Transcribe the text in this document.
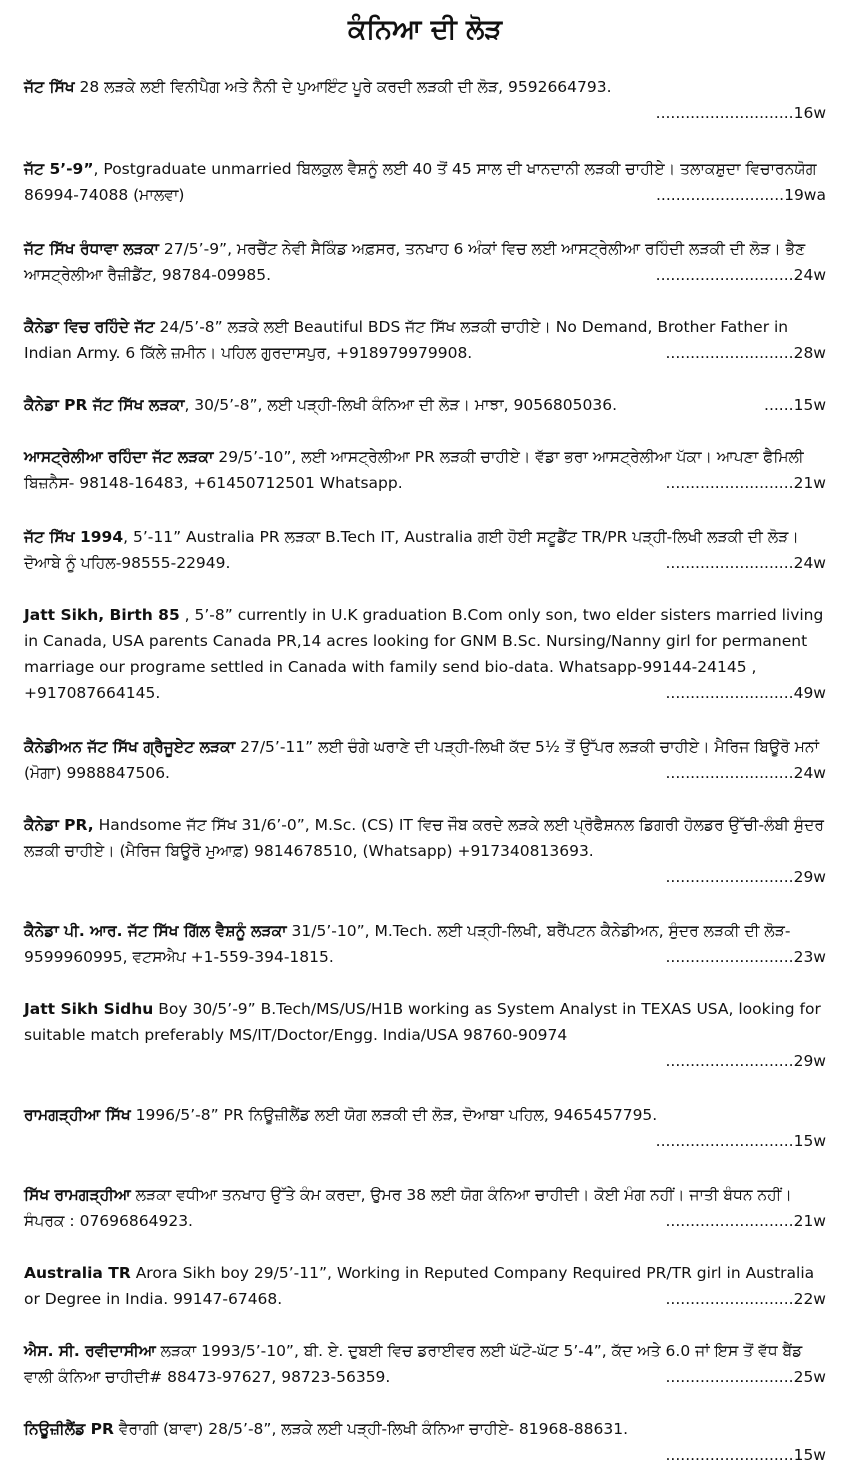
ਕੰਨਿਆ ਦੀ ਲੋੜ
ਜੱਟ ਸਿੱਖ 28 ਲੜਕੇ ਲਈ ਵਿਨੀਪੈਗ ਅਤੇ ਨੈਨੀ ਦੇ ਪੁਆਇੰਟ ਪੂਰੇ ਕਰਦੀ ਲੜਕੀ ਦੀ ਲੋੜ, 9592664793.
............................16w
ਜੱਟ 5’-9”, Postgraduate unmarried ਬਿਲਕੁਲ ਵੈਸ਼ਨੂੰ ਲਈ 40 ਤੋਂ 45 ਸਾਲ ਦੀ ਖਾਨਦਾਨੀ ਲੜਕੀ ਚਾਹੀਏ। ਤਲਾਕਸ਼ੁਦਾ ਵਿਚਾਰਨਯੋਗ 86994-74088 (ਮਾਲਵਾ)	..........................19wa
ਜੱਟ ਸਿੱਖ ਰੰਧਾਵਾ ਲੜਕਾ 27/5’-9”, ਮਰਚੈਂਟ ਨੇਵੀ ਸੈਕਿੰਡ ਅਫ਼ਸਰ, ਤਨਖਾਹ 6 ਅੰਕਾਂ ਵਿਚ ਲਈ ਆਸਟ੍ਰੇਲੀਆ ਰਹਿੰਦੀ ਲੜਕੀ ਦੀ ਲੋੜ। ਭੈਣ ਆਸਟ੍ਰੇਲੀਆ ਰੈਜ਼ੀਡੈਂਟ, 98784-09985.	............................24w
ਕੈਨੇਡਾ ਵਿਚ ਰਹਿੰਦੇ ਜੱਟ 24/5’-8” ਲੜਕੇ ਲਈ Beautiful BDS ਜੱਟ ਸਿੱਖ ਲੜਕੀ ਚਾਹੀਏ। No Demand, Brother Father in Indian Army. 6 ਕਿੱਲੇ ਜ਼ਮੀਨ। ਪਹਿਲ ਗੁਰਦਾਸਪੁਰ, +918979979908.	..........................28w
ਕੈਨੇਡਾ PR ਜੱਟ ਸਿੱਖ ਲੜਕਾ, 30/5’-8”, ਲਈ ਪੜ੍ਹੀ-ਲਿਖੀ ਕੰਨਿਆ ਦੀ ਲੋੜ। ਮਾਝਾ, 9056805036.	......15w
ਆਸਟ੍ਰੇਲੀਆ ਰਹਿੰਦਾ ਜੱਟ ਲੜਕਾ 29/5’-10”, ਲਈ ਆਸਟ੍ਰੇਲੀਆ PR ਲੜਕੀ ਚਾਹੀਏ। ਵੱਡਾ ਭਰਾ ਆਸਟ੍ਰੇਲੀਆ ਪੱਕਾ। ਆਪਣਾ ਫੈਮਿਲੀ ਬਿਜ਼ਨੈਸ- 98148-16483, +61450712501 Whatsapp.	..........................21w
ਜੱਟ ਸਿੱਖ 1994, 5’-11” Australia PR ਲੜਕਾ B.Tech IT, Australia ਗਈ ਹੋਈ ਸਟੂਡੈਂਟ TR/PR ਪੜ੍ਹੀ-ਲਿਖੀ ਲੜਕੀ ਦੀ ਲੋੜ। ਦੋਆਬੇ ਨੂੰ ਪਹਿਲ-98555-22949.	..........................24w
Jatt Sikh, Birth 85 , 5’-8” currently in U.K graduation B.Com only son, two elder sisters married living in Canada, USA parents Canada PR,14 acres looking for GNM B.Sc. Nursing/Nanny girl for permanent marriage our programe settled in Canada with family send bio-data. Whatsapp-99144-24145 , +917087664145.	..........................49w
ਕੈਨੇਡੀਅਨ ਜੱਟ ਸਿੱਖ ਗ੍ਰੈਜੂਏਟ ਲੜਕਾ 27/5’-11” ਲਈ ਚੰਗੇ ਘਰਾਣੇ ਦੀ ਪੜ੍ਹੀ-ਲਿਖੀ ਕੱਦ 5½ ਤੋਂ ਉੱਪਰ ਲੜਕੀ ਚਾਹੀਏ। ਮੈਰਿਜ ਬਿਊਰੋ ਮਨਾਂ (ਮੋਗਾ) 9988847506.	..........................24w
ਕੈਨੇਡਾ PR, Handsome ਜੱਟ ਸਿੱਖ 31/6’-0”, M.Sc. (CS) IT ਵਿਚ ਜੌਬ ਕਰਦੇ ਲੜਕੇ ਲਈ ਪ੍ਰੋਫੈਸ਼ਨਲ ਡਿਗਰੀ ਹੋਲਡਰ ਉੱਚੀ-ਲੰਬੀ ਸੁੰਦਰ ਲੜਕੀ ਚਾਹੀਏ। (ਮੈਰਿਜ ਬਿਊਰੋ ਮੁਆਫ਼) 9814678510, (Whatsapp) +917340813693.
..........................29w
ਕੈਨੇਡਾ ਪੀ. ਆਰ. ਜੱਟ ਸਿੱਖ ਗਿੱਲ ਵੈਸ਼ਨੂੰ ਲੜਕਾ 31/5’-10”, M.Tech. ਲਈ ਪੜ੍ਹੀ-ਲਿਖੀ, ਬਰੈਂਪਟਨ ਕੈਨੇਡੀਅਨ, ਸੁੰਦਰ ਲੜਕੀ ਦੀ ਲੋੜ- 9599960995, ਵਟਸਐਪ +1-559-394-1815.	..........................23w
Jatt Sikh Sidhu Boy 30/5’-9” B.Tech/MS/US/H1B working as System Analyst in TEXAS USA, looking for suitable match preferably MS/IT/Doctor/Engg. India/USA 98760-90974
..........................29w
ਰਾਮਗੜ੍ਹੀਆ ਸਿੱਖ 1996/5’-8” PR ਨਿਊਜ਼ੀਲੈਂਡ ਲਈ ਯੋਗ ਲੜਕੀ ਦੀ ਲੋੜ, ਦੋਆਬਾ ਪਹਿਲ, 9465457795.
............................15w
ਸਿੱਖ ਰਾਮਗੜ੍ਹੀਆ ਲੜਕਾ ਵਧੀਆ ਤਨਖਾਹ ਉੱਤੇ ਕੰਮ ਕਰਦਾ, ਉਮਰ 38 ਲਈ ਯੋਗ ਕੰਨਿਆ ਚਾਹੀਦੀ। ਕੋਈ ਮੰਗ ਨਹੀਂ। ਜਾਤੀ ਬੰਧਨ ਨਹੀਂ। ਸੰਪਰਕ : 07696864923.	..........................21w
Australia TR Arora Sikh boy 29/5’-11”, Working in Reputed Company Required PR/TR girl in Australia or Degree in India. 99147-67468.	..........................22w
ਐਸ. ਸੀ. ਰਵੀਦਾਸੀਆ ਲੜਕਾ 1993/5’-10”, ਬੀ. ਏ. ਦੁਬਈ ਵਿਚ ਡਰਾਈਵਰ ਲਈ ਘੱਟੋ-ਘੱਟ 5’-4”, ਕੱਦ ਅਤੇ 6.0 ਜਾਂ ਇਸ ਤੋਂ ਵੱਧ ਬੈਂਡ ਵਾਲੀ ਕੰਨਿਆ ਚਾਹੀਦੀ# 88473-97627, 98723-56359.	..........................25w
ਨਿਊਜ਼ੀਲੈਂਡ PR ਵੈਰਾਗੀ (ਬਾਵਾ) 28/5’-8”, ਲੜਕੇ ਲਈ ਪੜ੍ਹੀ-ਲਿਖੀ ਕੰਨਿਆ ਚਾਹੀਏ- 81968-88631.
..........................15w
